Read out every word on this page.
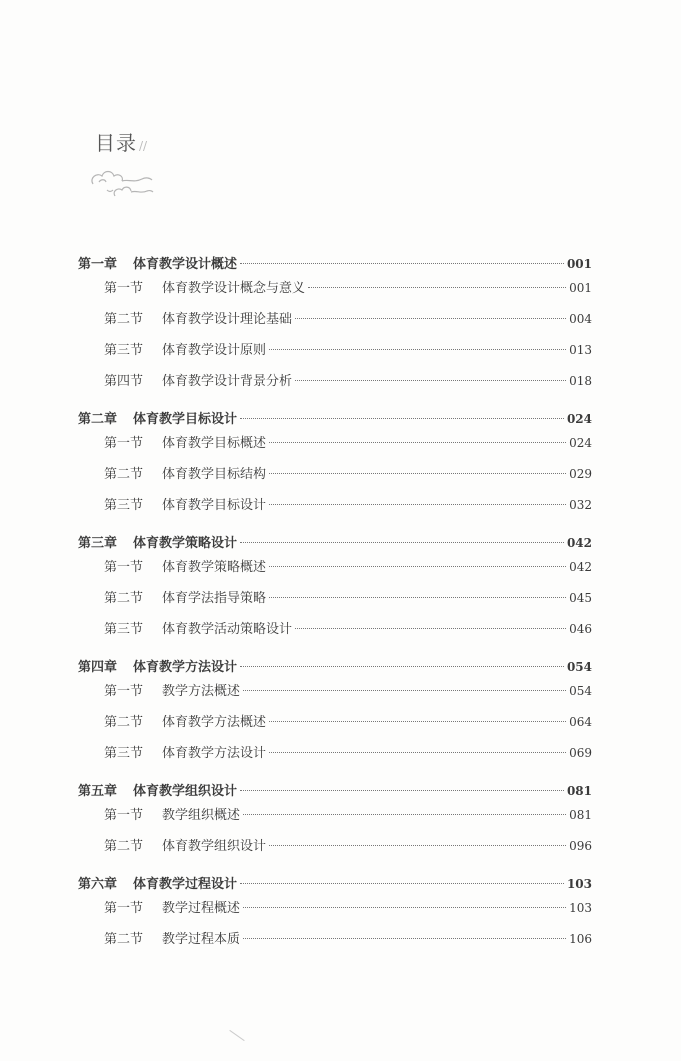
目录 //
第一章	体育教学设计概述	001
第一节	体育教学设计概念与意义	001
第二节	体育教学设计理论基础	004
第三节	体育教学设计原则	013
第四节	体育教学设计背景分析	018
第二章	体育教学目标设计	024
第一节	体育教学目标概述	024
第二节	体育教学目标结构	029
第三节	体育教学目标设计	032
第三章	体育教学策略设计	042
第一节	体育教学策略概述	042
第二节	体育学法指导策略	045
第三节	体育教学活动策略设计	046
第四章	体育教学方法设计	054
第一节	教学方法概述	054
第二节	体育教学方法概述	064
第三节	体育教学方法设计	069
第五章	体育教学组织设计	081
第一节	教学组织概述	081
第二节	体育教学组织设计	096
第六章	体育教学过程设计	103
第一节	教学过程概述	103
第二节	教学过程本质	106
